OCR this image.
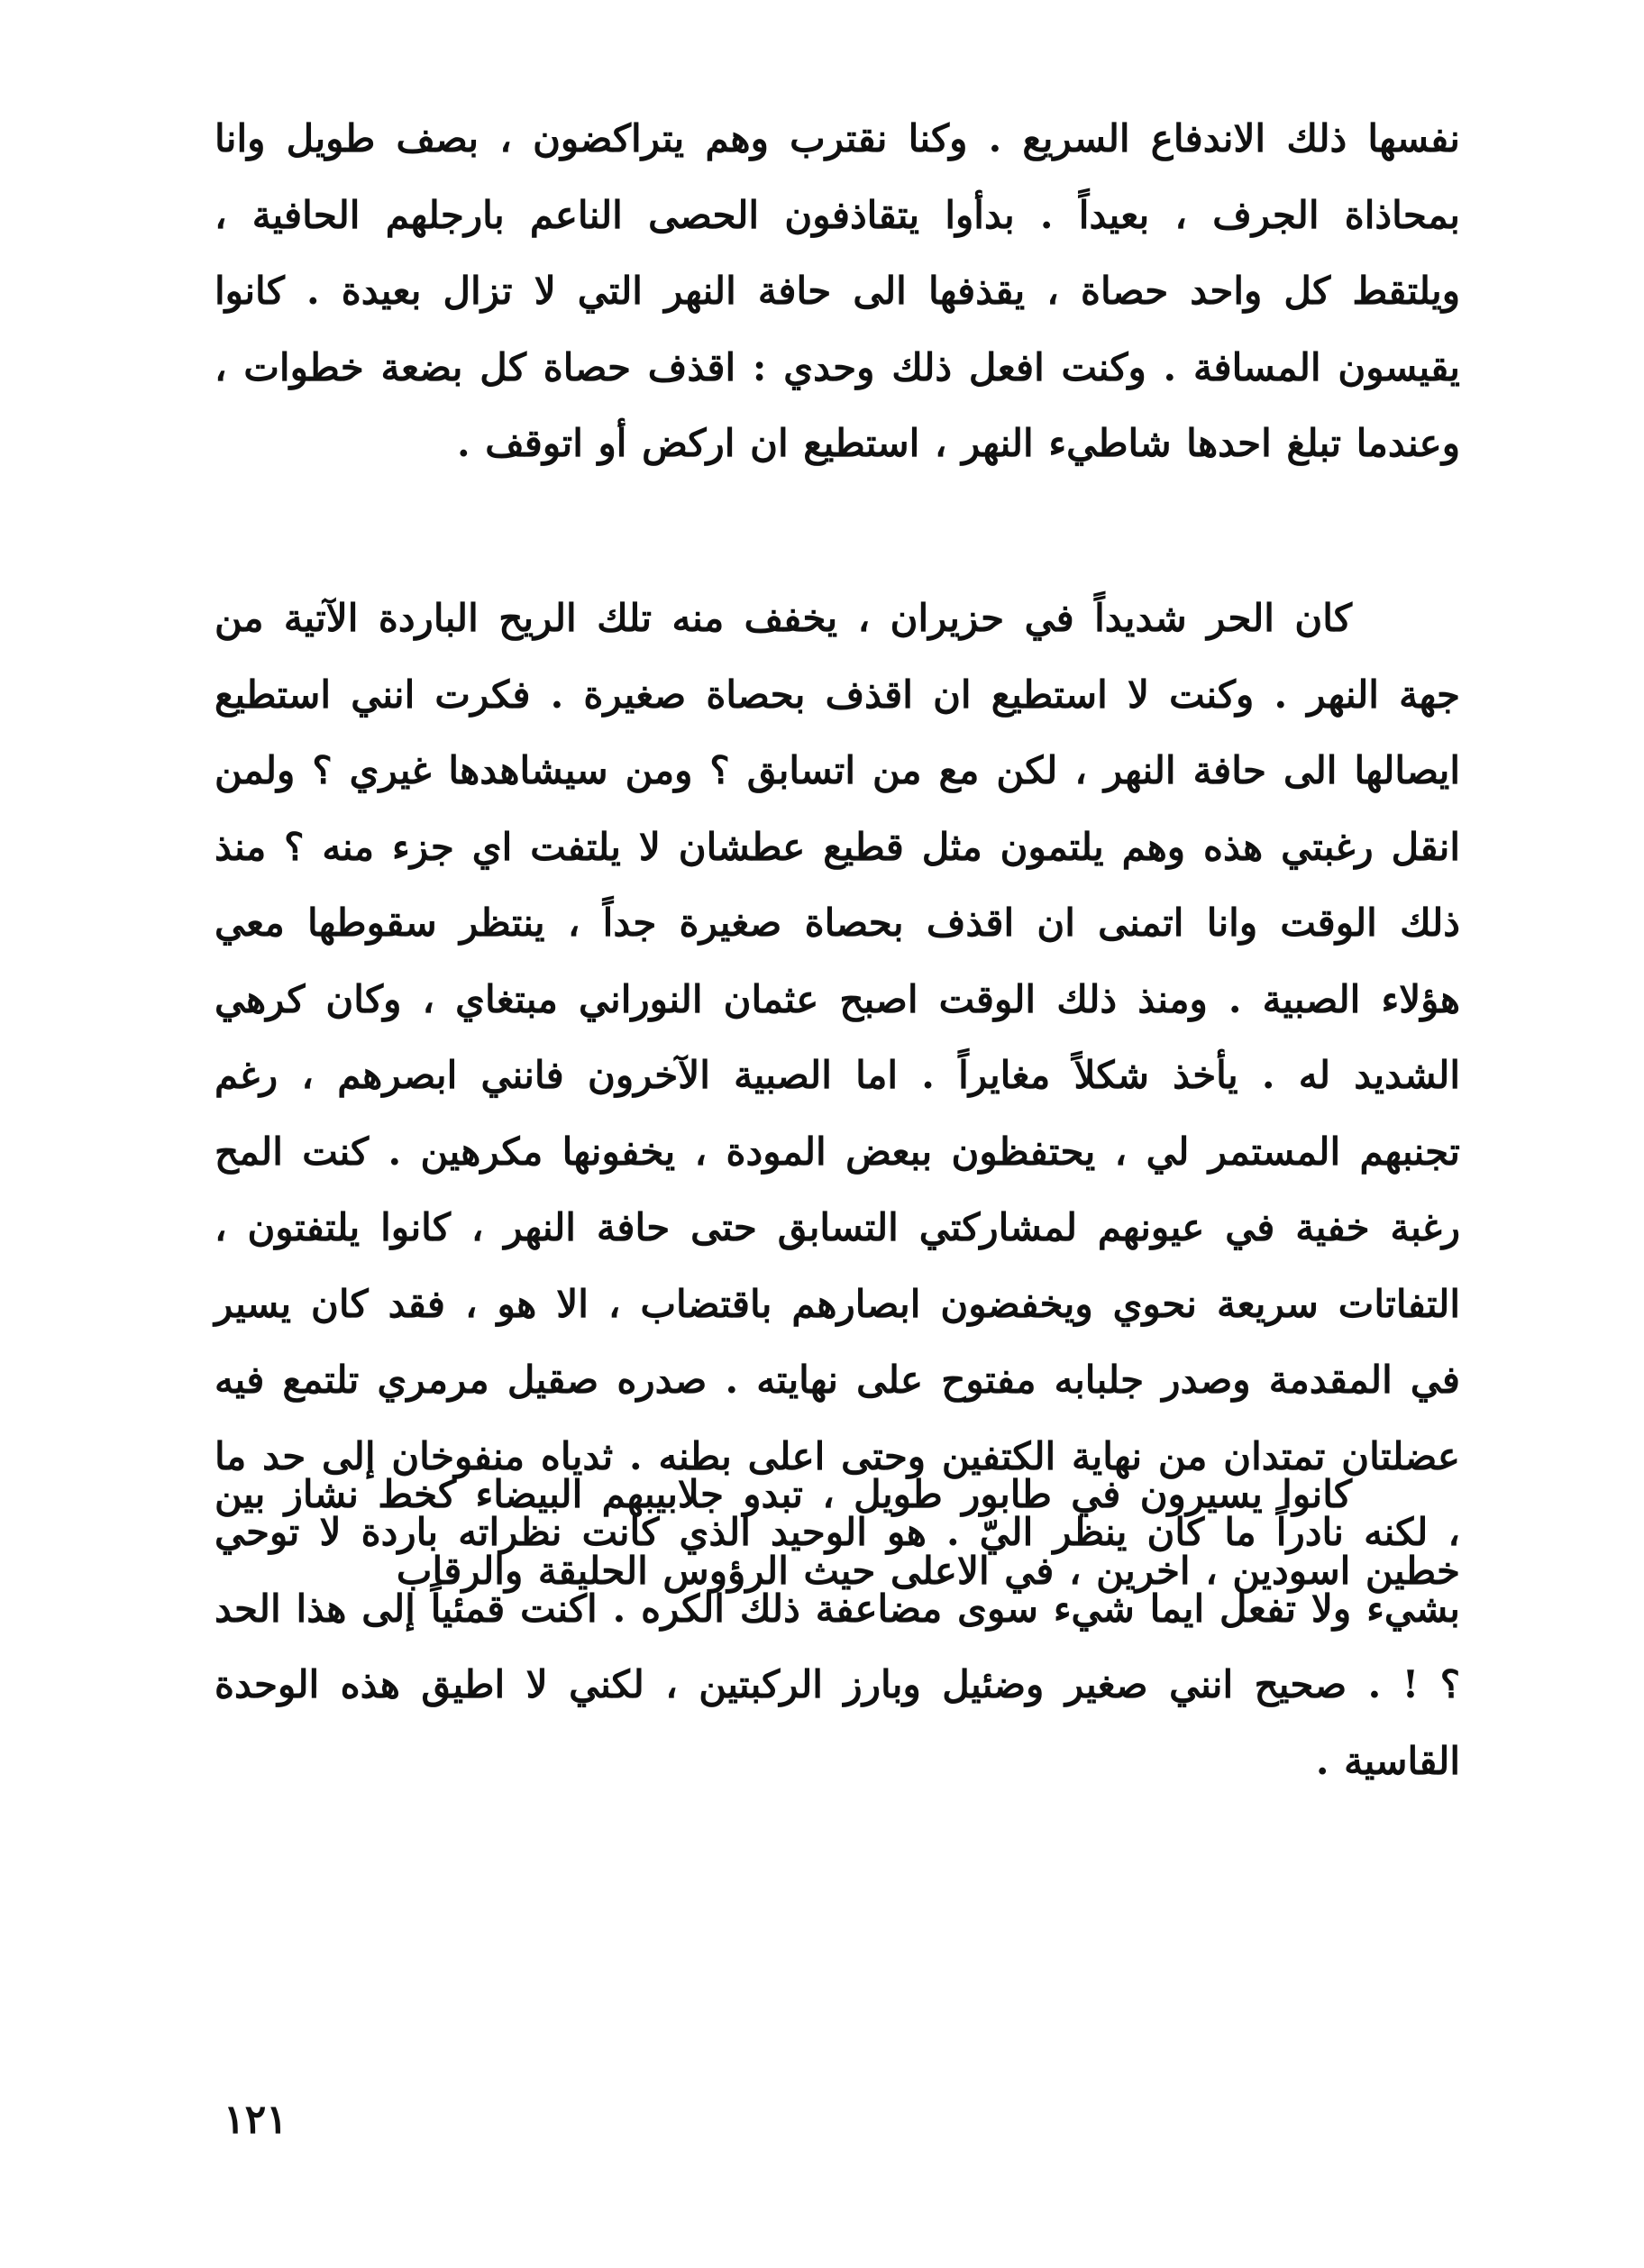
نفسها ذلك الاندفاع السريع . وكنا نقترب وهم يتراكضون ، بصف طويل وانا بمحاذاة الجرف ، بعيداً . بدأوا يتقاذفون الحصى الناعم بارجلهم الحافية ، ويلتقط كل واحد حصاة ، يقذفها الى حافة النهر التي لا تزال بعيدة . كانوا يقيسون المسافة . وكنت افعل ذلك وحدي : اقذف حصاة كل بضعة خطوات ، وعندما تبلغ احدها شاطيء النهر ، استطيع ان اركض أو اتوقف .

كان الحر شديداً في حزيران ، يخفف منه تلك الريح الباردة الآتية من جهة النهر . وكنت لا استطيع ان اقذف بحصاة صغيرة . فكرت انني استطيع ايصالها الى حافة النهر ، لكن مع من اتسابق ؟ ومن سيشاهدها غيري ؟ ولمن انقل رغبتي هذه وهم يلتمون مثل قطيع عطشان لا يلتفت اي جزء منه ؟ منذ ذلك الوقت وانا اتمنى ان اقذف بحصاة صغيرة جداً ، ينتظر سقوطها معي هؤلاء الصبية . ومنذ ذلك الوقت اصبح عثمان النوراني مبتغاي ، وكان كرهي الشديد له . يأخذ شكلاً مغايراً . اما الصبية الآخرون فانني ابصرهم ، رغم تجنبهم المستمر لي ، يحتفظون ببعض المودة ، يخفونها مكرهين . كنت المح رغبة خفية في عيونهم لمشاركتي التسابق حتى حافة النهر ، كانوا يلتفتون ، التفاتات سريعة نحوي ويخفضون ابصارهم باقتضاب ، الا هو ، فقد كان يسير في المقدمة وصدر جلبابه مفتوح على نهايته . صدره صقيل مرمري تلتمع فيه عضلتان تمتدان من نهاية الكتفين وحتى اعلى بطنه . ثدياه منفوخان إلى حد ما ، لكنه نادراً ما كان ينظر اليّ . هو الوحيد الذي كانت نظراته باردة لا توحي بشيء ولا تفعل ايما شيء سوى مضاعفة ذلك الكره . اكنت قمئياً إلى هذا الحد ؟ ! . صحيح انني صغير وضئيل وبارز الركبتين ، لكني لا اطيق هذه الوحدة القاسية .

كانوا يسيرون في طابور طويل ، تبدو جلابيبهم البيضاء كخط نشاز بين خطين اسودين ، اخرين ، في الاعلى حيث الرؤوس الحليقة والرقاب

١٢١
